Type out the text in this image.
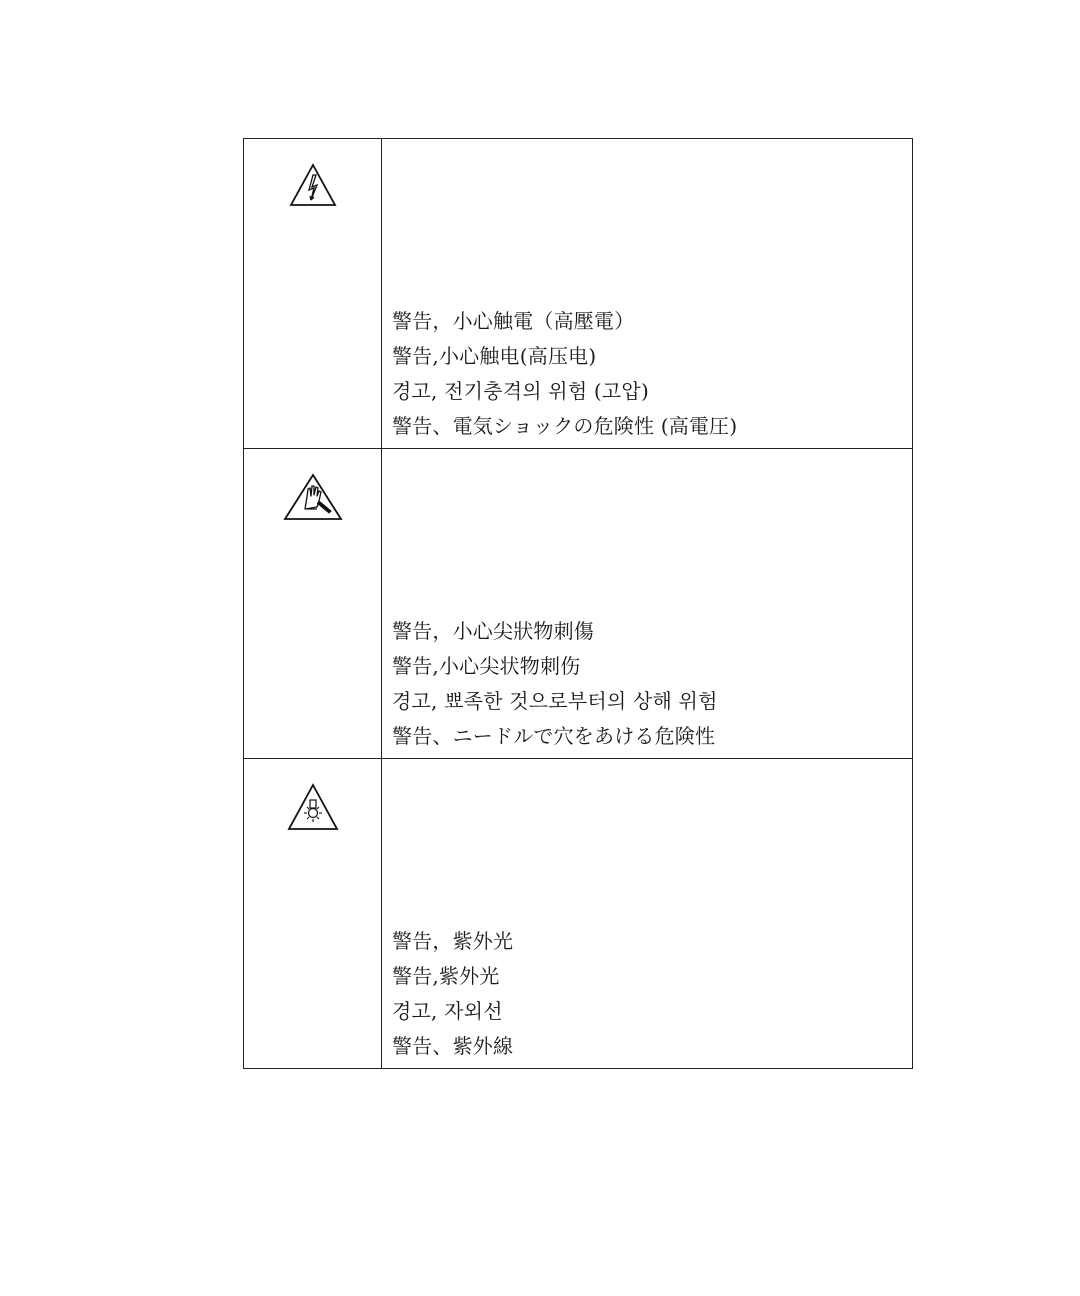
警告，小心触電（高壓電）
警告,小心触电(高压电)
경고, 전기충격의 위험 (고압)
警告、電気ショックの危険性 (高電圧)

警告，小心尖狀物刺傷
警告,小心尖状物刺伤
경고, 뾰족한 것으로부터의 상해 위험
警告、ニードルで穴をあける危険性

警告，紫外光
警告,紫外光
경고, 자외선
警告、紫外線
